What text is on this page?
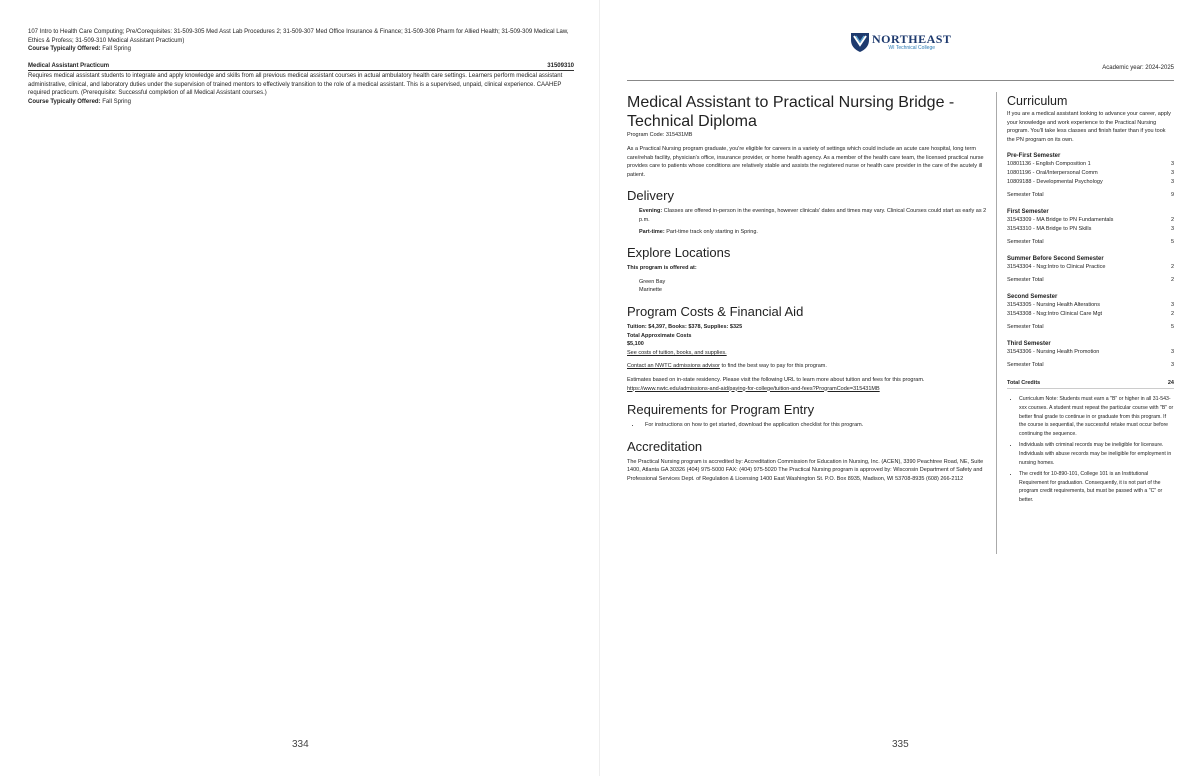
107 Intro to Health Care Computing; Pre/Corequisites: 31-509-305 Med Asst Lab Procedures 2; 31-509-307 Med Office Insurance & Finance; 31-509-308 Pharm for Allied Health; 31-509-309 Medical Law, Ethics & Profess; 31-509-310 Medical Assistant Practicum)
Course Typically Offered: Fall Spring
Medical Assistant Practicum	31509310
Requires medical assistant students to integrate and apply knowledge and skills from all previous medical assistant courses in actual ambulatory health care settings. Learners perform medical assistant administrative, clinical, and laboratory duties under the supervision of trained mentors to effectively transition to the role of a medical assistant. This is a supervised, unpaid, clinical experience. CAAHEP required practicum. (Prerequisite: Successful completion of all Medical Assistant courses.)
Course Typically Offered: Fall Spring
334
NORTHEAST
WI Technical College
Academic year: 2024-2025
Medical Assistant to Practical Nursing Bridge - Technical Diploma
Program Code: 315431MB

As a Practical Nursing program graduate, you're eligible for careers in a variety of settings which could include an acute care hospital, long term care/rehab facility, physician's office, insurance provider, or home health agency. As a member of the health care team, the licensed practical nurse provides care to patients whose conditions are relatively stable and assists the registered nurse or health care provider in the care of the acutely ill patient.

Delivery

Evening: Classes are offered in-person in the evenings, however clinicals' dates and times may vary. Clinical Courses could start as early as 2 p.m.

Part-time: Part-time track only starting in Spring.

Explore Locations

This program is offered at:

Green Bay
Marinette
Program Costs & Financial Aid
Tuition: $4,397, Books: $378, Supplies: $325
Total Approximate Costs
$5,100
See costs of tuition, books, and supplies.

Contact an NWTC admissions advisor to find the best way to pay for this program.

Estimates based on in-state residency. Please visit the following URL to learn more about tuition and fees for this program.
https://www.nwtc.edu/admissions-and-aid/paying-for-college/tuition-and-fees?ProgramCode=315431MB

Requirements for Program Entry
• For instructions on how to get started, download the application checklist for this program.
Accreditation

The Practical Nursing program is accredited by: Accreditation Commission for Education in Nursing, Inc. (ACEN), 3390 Peachtree Road, NE, Suite 1400, Atlanta GA 30326 (404) 975-5000 FAX: (404) 975-5020 The Practical Nursing program is approved by: Wisconsin Department of Safety and Professional Services Dept. of Regulation & Licensing 1400 East Washington St. P.O. Box 8935, Madison, WI 53708-8935 (608) 266-2112

Curriculum
If you are a medical assistant looking to advance your career, apply your knowledge and work experience to the Practical Nursing program. You'll take less classes and finish faster than if you took the PN program on its own.
Pre-First Semester
10801136 - English Composition 1	3
10801196 - Oral/Interpersonal Comm	3
10809188 - Developmental Psychology	3
Semester Total	9
First Semester
31543309 - MA Bridge to PN Fundamentals	2
31543310 - MA Bridge to PN Skills	3
Semester Total	5
Summer Before Second Semester
31543304 - Nsg:Intro to Clinical Practice	2
Semester Total	2
Second Semester
31543305 - Nursing Health Alterations	3
31543308 - Nsg:Intro Clinical Care Mgt	2
Semester Total	5
Third Semester
31543306 - Nursing Health Promotion	3
Semester Total	3
Total Credits	24
• Curriculum Note: Students must earn a "B" or higher in all 31-543-xxx courses. A student must repeat the particular course with "B" or better final grade to continue in or graduate from this program. If the course is sequential, the successful retake must occur before continuing the sequence.
• Individuals with criminal records may be ineligible for licensure. Individuals with abuse records may be ineligible for employment in nursing homes.
• The credit for 10-890-101, College 101 is an Institutional Requirement for graduation. Consequently, it is not part of the program credit requirements, but must be passed with a "C" or better.
335
